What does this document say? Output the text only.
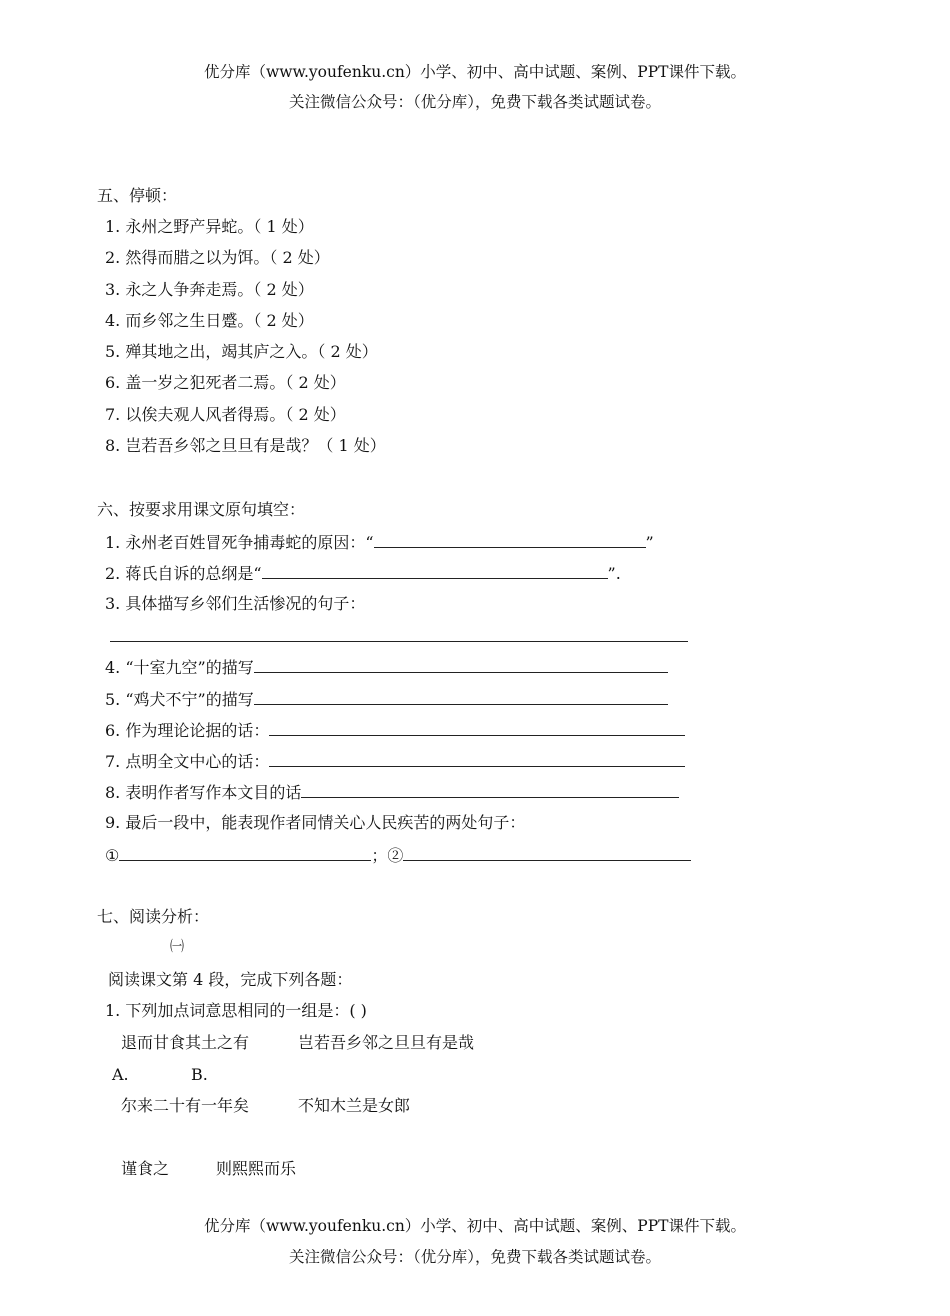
优分库（www.youfenku.cn）小学、初中、高中试题、案例、PPT课件下载。
关注微信公众号：（优分库），免费下载各类试题试卷。
五、停顿：
1. 永州之野产异蛇。（ 1 处）
2. 然得而腊之以为饵。（ 2 处）
3. 永之人争奔走焉。（ 2 处）
4. 而乡邻之生日蹙。（ 2 处）
5. 殚其地之出，竭其庐之入。（ 2 处）
6. 盖一岁之犯死者二焉。（ 2 处）
7. 以俟夫观人风者得焉。（ 2 处）
8. 岂若吾乡邻之旦旦有是哉？（ 1 处）
六、按要求用课文原句填空：
1. 永州老百姓冒死争捕毒蛇的原因：“	”
2. 蒋氏自诉的总纲是“	”.
3. 具体描写乡邻们生活惨况的句子：
4. “十室九空”的描写
5. “鸡犬不宁”的描写
6. 作为理论论据的话：
7. 点明全文中心的话：
8. 表明作者写作本文目的话
9. 最后一段中，能表现作者同情关心人民疾苦的两处句子：
①	；②
七、阅读分析：
㈠
阅读课文第 4 段，完成下列各题：
1. 下列加点词意思相同的一组是：( )
退而甘食其土之有	岂若吾乡邻之旦旦有是哉
A.	B.
尔来二十有一年矣	不知木兰是女郎
谨食之	则熙熙而乐
优分库（www.youfenku.cn）小学、初中、高中试题、案例、PPT课件下载。
关注微信公众号：（优分库），免费下载各类试题试卷。
